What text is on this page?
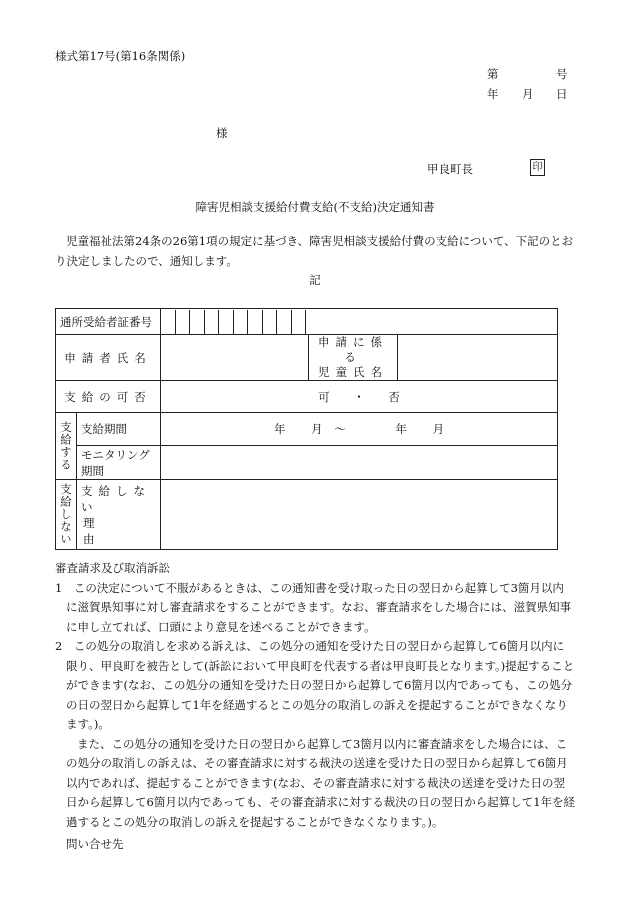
様式第17号(第16条関係)
第	号
年 月 日
様
甲良町長	印
障害児相談支援給付費支給(不支給)決定通知書

児童福祉法第24条の26第1項の規定に基づき、障害児相談支援給付費の支給について、下記のとおり決定しましたので、通知します。

記
通所受給者証番号				

申請者氏名			申請に係る
児童氏名	

支給の可否		可 ・ 否		
支給する	支給期間	年 月 ～ 年 月		

	モニタリング
期間			

支給しない	支給しない
理由			

審査請求及び取消訴訟

1　この決定について不服があるときは、この通知書を受け取った日の翌日から起算して3箇月以内に滋賀県知事に対し審査請求をすることができます。なお、審査請求をした場合には、滋賀県知事に申し立てれば、口頭により意見を述べることができます。

2　この処分の取消しを求める訴えは、この処分の通知を受けた日の翌日から起算して6箇月以内に限り、甲良町を被告として(訴訟において甲良町を代表する者は甲良町長となります。)提起することができます(なお、この処分の通知を受けた日の翌日から起算して6箇月以内であっても、この処分の日の翌日から起算して1年を経過するとこの処分の取消しの訴えを提起することができなくなります。)。

また、この処分の通知を受けた日の翌日から起算して3箇月以内に審査請求をした場合には、この処分の取消しの訴えは、その審査請求に対する裁決の送達を受けた日の翌日から起算して6箇月以内であれば、提起することができます(なお、その審査請求に対する裁決の送達を受けた日の翌日から起算して6箇月以内であっても、その審査請求に対する裁決の日の翌日から起算して1年を経過するとこの処分の取消しの訴えを提起することができなくなります。)。

問い合せ先
